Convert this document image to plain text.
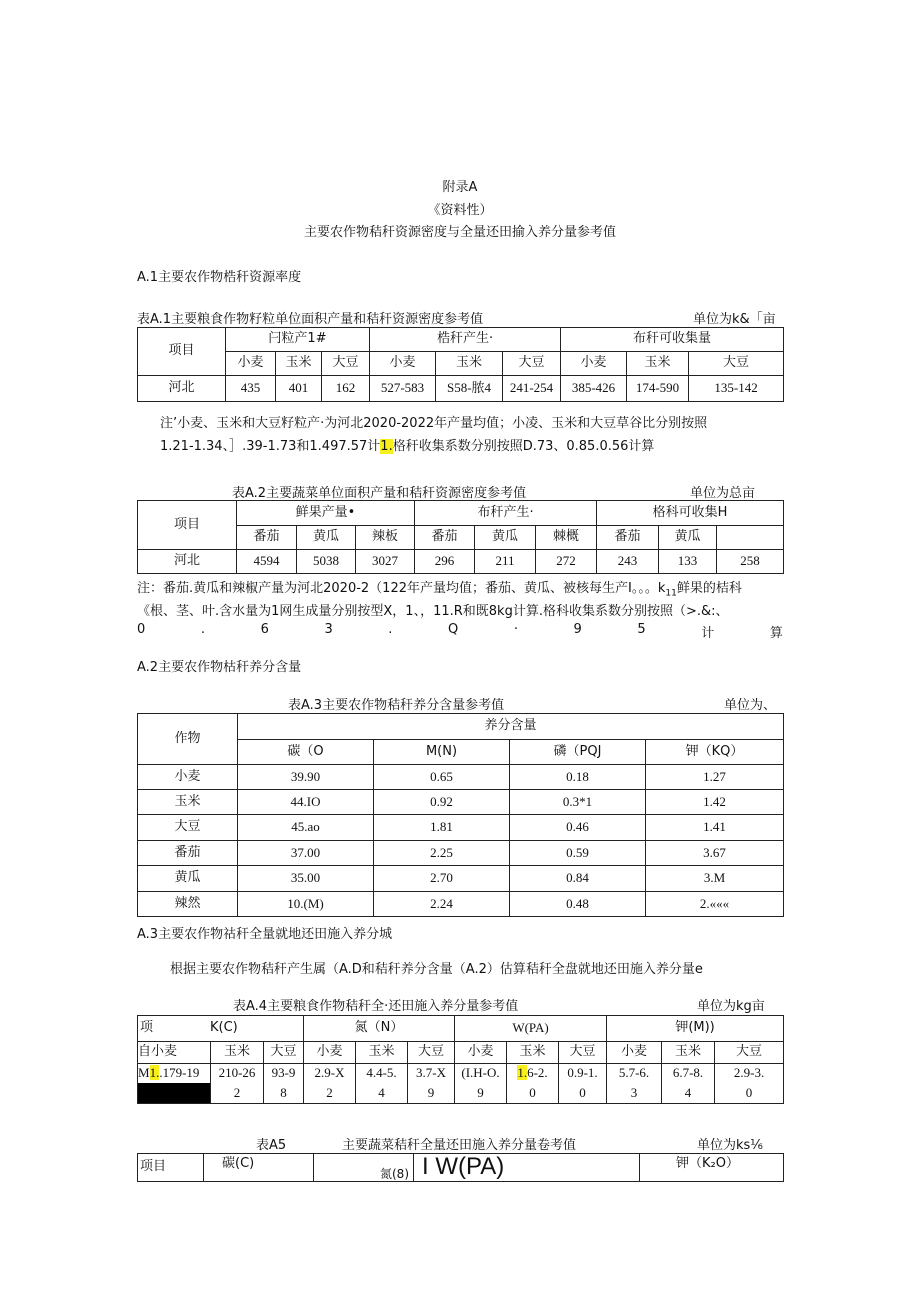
附录A
《资料性）
主要农作物秸秆资源密度与全量还田揄入养分量参考值
A.1主要农作物梏秆资源率度
表A.1主要粮食作物籽粒单位面积产量和秸秆资源密度参考值	单位为k&「亩
项目	闩粒产1#			梏秆产生·			布秆可收集量		
	小麦	玉米	大豆	小麦	玉米	大豆	小麦	玉米	大豆
河北	435	401	162	527-583	S58-脓4	241-254	385-426	174-590	135-142
注’小麦、玉米和大豆籽粒产·为河北2020-2022年产量均值；小凌、玉米和大豆草谷比分别按照
1.21-1.34、］.39-1.73和1.497.57计1.格秆收集系数分别按照D.73、0.85.0.56计算
表A.2主要蔬菜单位面积产量和秸秆资源密度参考值	单位为总亩
项目	鲜果产量•			布秆产生·			格科可收集H		
	番茄	黄瓜	辣板	番茄	黄瓜	棘概	番茄	黄瓜	
河北	4594	5038	3027	296	211	272	243	133	258
注：番茄.黄瓜和辣椒产量为河北2020-2（122年产量均值；番茄、黄瓜、被核每生产I。。。$k_{11}$鲜果的桔科
《根、茎、叶.含水量为1网生成量分别按型X，1、，11.R和既8kg计算.格科收集系数分别按照（>.&:、
0	.	6	3	.	Q	·	9	5	计	算
A.2主要农作物枯秆养分含量
表A.3主要农作物秸秆养分含量参考值	单位为、
作物	养分含量			
	碳（O	M(N)	磷（PQJ	钾（KQ）
小麦	39.90	0.65	0.18	1.27
玉米	44.IO	0.92	0.3*1	1.42
大豆	45.ao	1.81	0.46	1.41
番茄	37.00	2.25	0.59	3.67
黄瓜	35.00	2.70	0.84	3.M
辣然	10.(M)	2.24	0.48	2.«««
A.3主要农作物祜秆全量就地还田施入养分城
根据主要农作物秸秆产生属（A.D和秸秆养分含量（A.2）估算秸秆全盘就地还田施入养分量e
表A.4主要粮食作物秸秆全·还田施入养分量参考值	单位为kg亩
项 K(C)			氮（N）			W(PA)			钾(M))		
自小麦	玉米	大豆	小麦	玉米	大豆	小麦	玉米	大豆	小麦	玉米	大豆
M1..179-19	210-26	93-9	2.9-X	4.4-5.	3.7-X	(I.H-O.	1.6-2.	0.9-1.	5.7-6.	6.7-8.	2.9-3.
	2	8	2	4	9	9	0	0	3	4	0
表A5	主要蔬菜秸秆全量还田施入养分量卷考值	单位为ks⅙
项目	碳(C)	氮(8)	I W(PA)	钾（K₂O）
